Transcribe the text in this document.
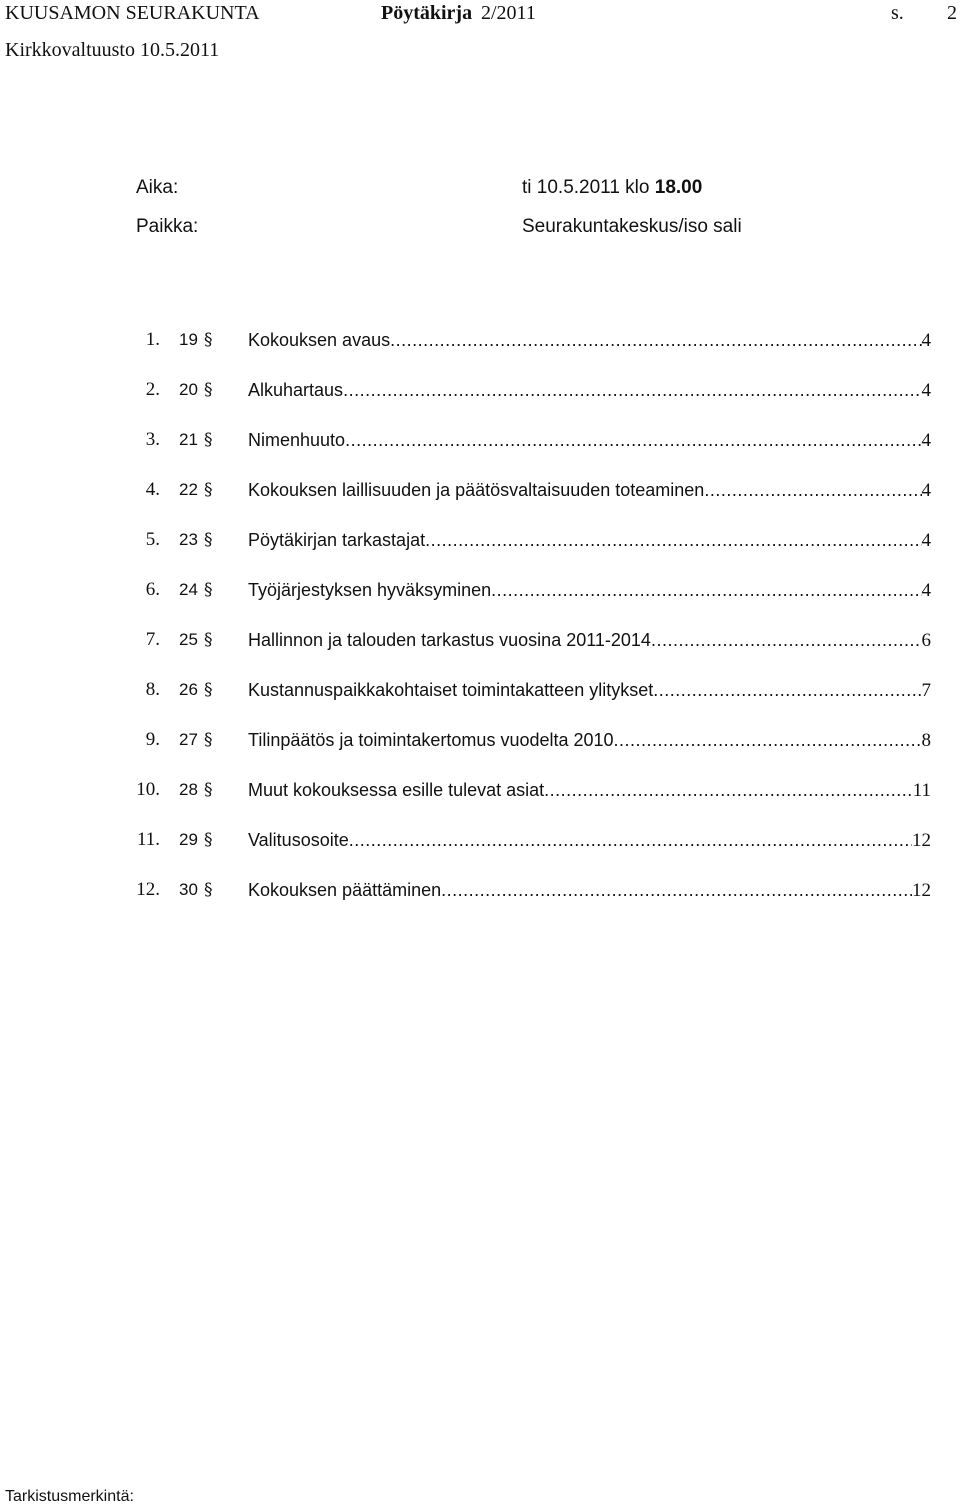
KUUSAMON SEURAKUNTA	Pöytäkirja 2/2011	s. 2
Kirkkovaltuusto 10.5.2011
Aika:	ti 10.5.2011 klo 18.00
Paikka:	Seurakuntakeskus/iso sali
1. 19 § Kokouksen avaus .....	4
2. 20 § Alkuhartaus .....	4
3. 21 § Nimenhuuto .....	4
4. 22 § Kokouksen laillisuuden ja päätösvaltaisuuden toteaminen .....	4
5. 23 § Pöytäkirjan tarkastajat .....	4
6. 24 § Työjärjestyksen hyväksyminen .....	4
7. 25 § Hallinnon ja talouden tarkastus vuosina 2011-2014 .....	6
8. 26 § Kustannuspaikkakohtaiset toimintakatteen ylitykset .....	7
9. 27 § Tilinpäätös ja toimintakertomus vuodelta 2010 .....	8
10. 28 § Muut kokouksessa esille tulevat asiat .....	11
11. 29 § Valitusosoite .....	12
12. 30 § Kokouksen päättäminen .....	12
Tarkistusmerkintä:
